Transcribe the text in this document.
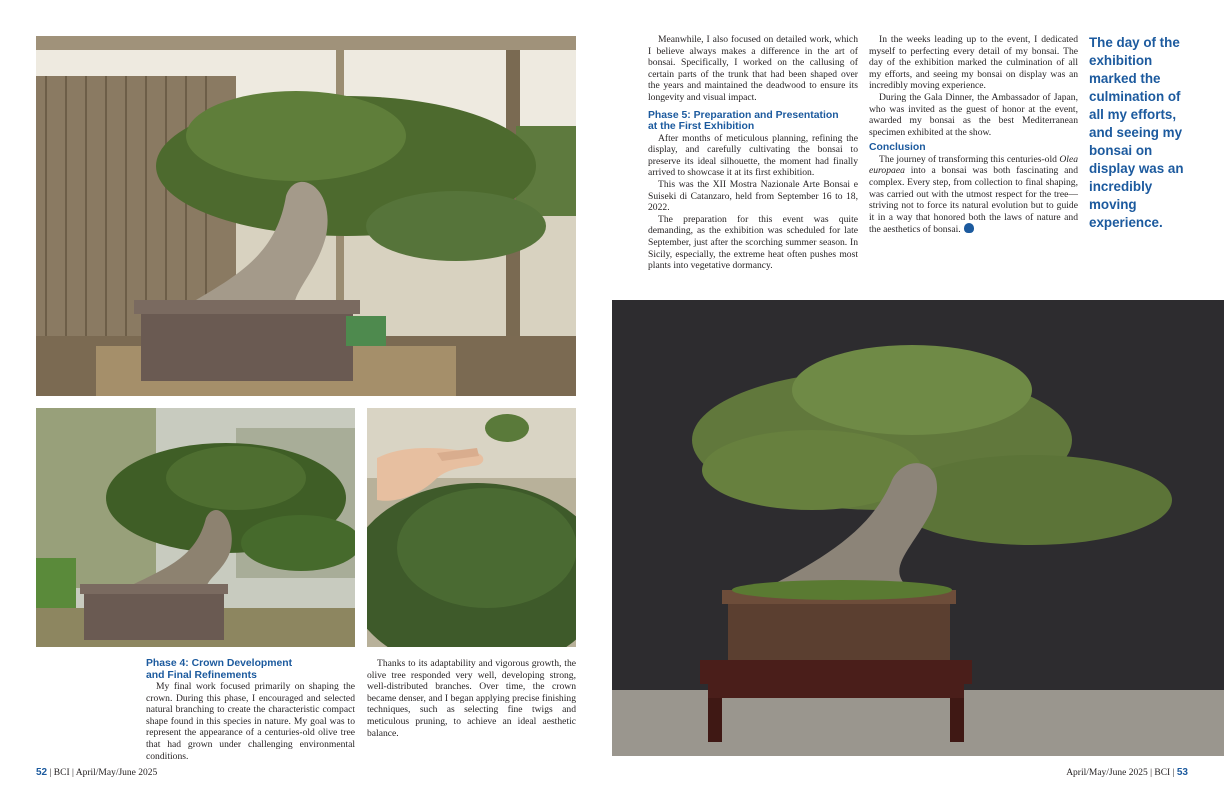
Phase 4: Crown Development

and Final Refinements

My final work focused primarily on shaping the crown. During this phase, I encouraged and selected natural branching to create the characteristic compact shape found in this species in nature. My goal was to represent the appearance of a centuries-old olive tree that had grown under challenging environmental conditions.

Thanks to its adaptability and vigorous growth, the olive tree responded very well, developing strong, well-distributed branches. Over time, the crown became denser, and I began applying precise finishing techniques, such as selecting fine twigs and meticulous pruning, to achieve an ideal aesthetic balance.

Meanwhile, I also focused on detailed work, which I believe always makes a difference in the art of bonsai. Specifically, I worked on the callusing of certain parts of the trunk that had been shaped over the years and maintained the deadwood to ensure its longevity and visual impact.

Phase 5: Preparation and Presentation

at the First Exhibition

After months of meticulous planning, refining the display, and carefully cultivating the bonsai to preserve its ideal silhouette, the moment had finally arrived to showcase it at its first exhibition.

This was the XII Mostra Nazionale Arte Bonsai e Suiseki di Catanzaro, held from September 16 to 18, 2022.

The preparation for this event was quite demanding, as the exhibition was scheduled for late September, just after the scorching summer season. In Sicily, especially, the extreme heat often pushes most plants into vegetative dormancy.

In the weeks leading up to the event, I dedicated myself to perfecting every detail of my bonsai. The day of the exhibition marked the culmination of all my efforts, and seeing my bonsai on display was an incredibly moving experience.

During the Gala Dinner, the Ambassador of Japan, who was invited as the guest of honor at the event, awarded my bonsai as the best Mediterranean specimen exhibited at the show.

Conclusion

The journey of transforming this centuries-old Olea europaea into a bonsai was both fascinating and complex. Every step, from collection to final shaping, was carried out with the utmost respect for the tree—striving not to force its natural evolution but to guide it in a way that honored both the laws of nature and the aesthetics of bonsai.

The day of the exhibition marked the culmination of all my efforts, and seeing my bonsai on display was an incredibly moving experience.
52 | BCI | April/May/June 2025	April/May/June 2025 | BCI | 53
